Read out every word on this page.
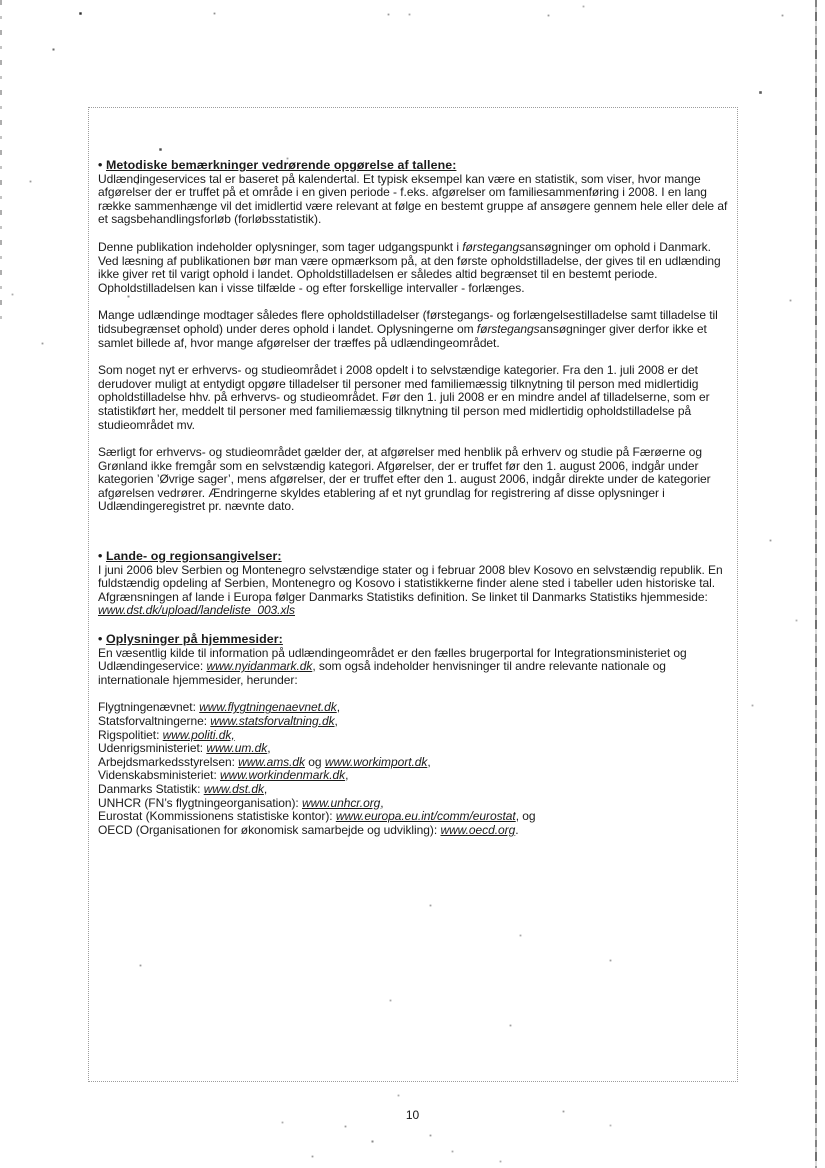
• Metodiske bemærkninger vedrørende opgørelse af tallene:
Udlændingeservices tal er baseret på kalendertal. Et typisk eksempel kan være en statistik, som viser, hvor mange afgørelser der er truffet på et område i en given periode - f.eks. afgørelser om familiesammenføring i 2008. I en lang række sammenhænge vil det imidlertid være relevant at følge en bestemt gruppe af ansøgere gennem hele eller dele af et sagsbehandlingsforløb (forløbsstatistik).
Denne publikation indeholder oplysninger, som tager udgangspunkt i førstegangsansøgninger om ophold i Danmark. Ved læsning af publikationen bør man være opmærksom på, at den første opholdstilladelse, der gives til en udlænding ikke giver ret til varigt ophold i landet. Opholdstilladelsen er således altid begrænset til en bestemt periode. Opholdstilladelsen kan i visse tilfælde - og efter forskellige intervaller - forlænges.
Mange udlændinge modtager således flere opholdstilladelser (førstegangs- og forlængelsestilladelse samt tilladelse til tidsubegrænset ophold) under deres ophold i landet. Oplysningerne om førstegangsansøgninger giver derfor ikke et samlet billede af, hvor mange afgørelser der træffes på udlændingeområdet.
Som noget nyt er erhvervs- og studieområdet i 2008 opdelt i to selvstændige kategorier. Fra den 1. juli 2008 er det derudover muligt at entydigt opgøre tilladelser til personer med familiemæssig tilknytning til person med midlertidig opholdstilladelse hhv. på erhvervs- og studieområdet. Før den 1. juli 2008 er en mindre andel af tilladelserne, som er statistikført her, meddelt til personer med familiemæssig tilknytning til person med midlertidig opholdstilladelse på studieområdet mv.
Særligt for erhvervs- og studieområdet gælder der, at afgørelser med henblik på erhverv og studie på Færøerne og Grønland ikke fremgår som en selvstændig kategori. Afgørelser, der er truffet før den 1. august 2006, indgår under kategorien ’Øvrige sager’, mens afgørelser, der er truffet efter den 1. august 2006, indgår direkte under de kategorier afgørelsen vedrører. Ændringerne skyldes etablering af et nyt grundlag for registrering af disse oplysninger i Udlændingeregistret pr. nævnte dato.
• Lande- og regionsangivelser:
I juni 2006 blev Serbien og Montenegro selvstændige stater og i februar 2008 blev Kosovo en selvstændig republik. En fuldstændig opdeling af Serbien, Montenegro og Kosovo i statistikkerne finder alene sted i tabeller uden historiske tal.
Afgrænsningen af lande i Europa følger Danmarks Statistiks definition. Se linket til Danmarks Statistiks hjemmeside:
www.dst.dk/upload/landeliste_003.xls
• Oplysninger på hjemmesider:
En væsentlig kilde til information på udlændingeområdet er den fælles brugerportal for Integrationsministeriet og Udlændingeservice: www.nyidanmark.dk, som også indeholder henvisninger til andre relevante nationale og internationale hjemmesider, herunder:
Flygtningenævnet: www.flygtningenaevnet.dk,
Statsforvaltningerne: www.statsforvaltning.dk,
Rigspolitiet: www.politi.dk,
Udenrigsministeriet: www.um.dk,
Arbejdsmarkedsstyrelsen: www.ams.dk og www.workimport.dk,
Videnskabsministeriet: www.workindenmark.dk,
Danmarks Statistik: www.dst.dk,
UNHCR (FN’s flygtningeorganisation): www.unhcr.org,
Eurostat (Kommissionens statistiske kontor): www.europa.eu.int/comm/eurostat, og
OECD (Organisationen for økonomisk samarbejde og udvikling): www.oecd.org.
10
